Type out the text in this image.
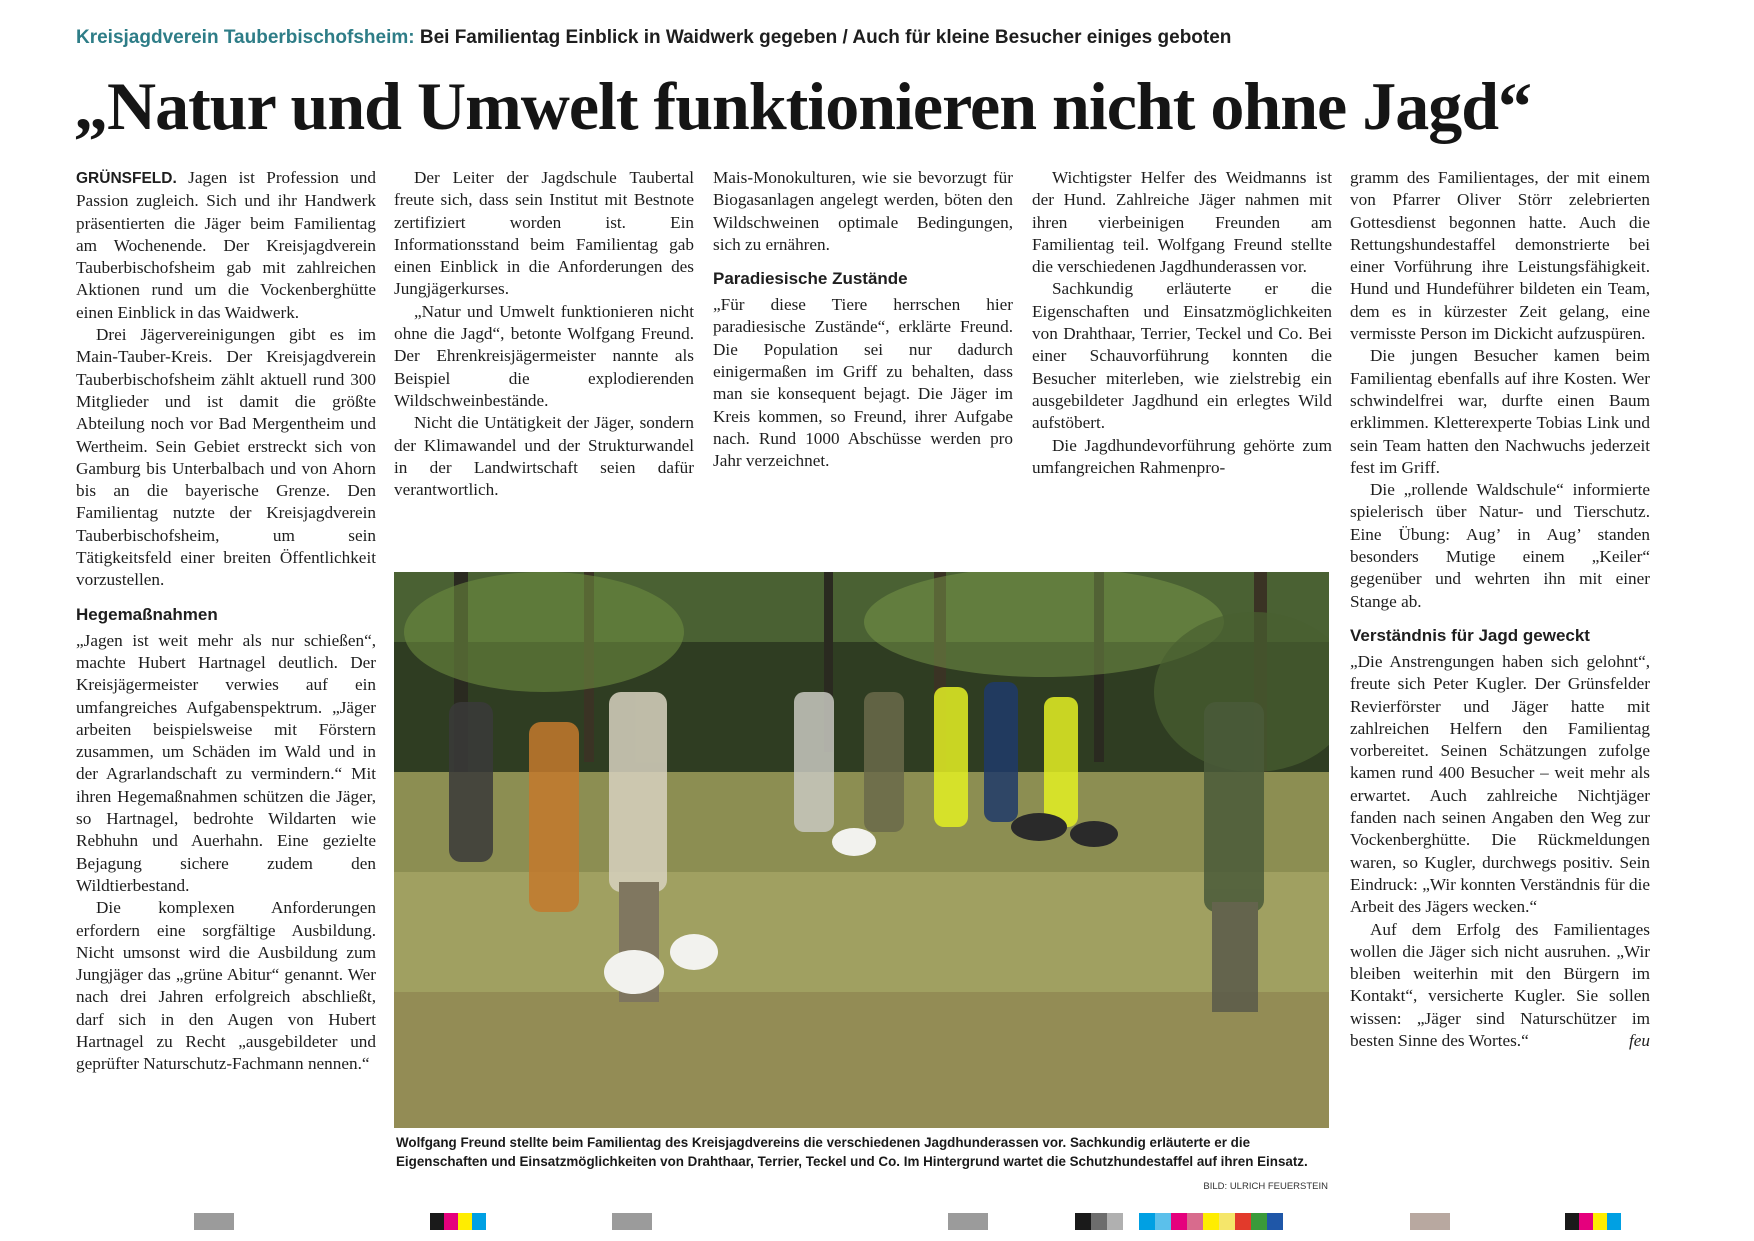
Kreisjagdverein Tauberbischofsheim: Bei Familientag Einblick in Waidwerk gegeben / Auch für kleine Besucher einiges geboten
„Natur und Umwelt funktionieren nicht ohne Jagd“

GRÜNSFELD. Jagen ist Profession und Passion zugleich. Sich und ihr Handwerk präsentierten die Jäger beim Familientag am Wochenende. Der Kreisjagdverein Tauberbischofsheim gab mit zahlreichen Aktionen rund um die Vockenberghütte einen Einblick in das Waidwerk.

Drei Jägervereinigungen gibt es im Main-Tauber-Kreis. Der Kreisjagdverein Tauberbischofsheim zählt aktuell rund 300 Mitglieder und ist damit die größte Abteilung noch vor Bad Mergentheim und Wertheim. Sein Gebiet erstreckt sich von Gamburg bis Unterbalbach und von Ahorn bis an die bayerische Grenze. Den Familientag nutzte der Kreisjagdverein Tauberbischofsheim, um sein Tätigkeitsfeld einer breiten Öffentlichkeit vorzustellen.

Hegemaßnahmen

„Jagen ist weit mehr als nur schießen“, machte Hubert Hartnagel deutlich. Der Kreisjägermeister verwies auf ein umfangreiches Aufgabenspektrum. „Jäger arbeiten beispielsweise mit Förstern zusammen, um Schäden im Wald und in der Agrarlandschaft zu vermindern.“ Mit ihren Hegemaßnahmen schützen die Jäger, so Hartnagel, bedrohte Wildarten wie Rebhuhn und Auerhahn. Eine gezielte Bejagung sichere zudem den Wildtierbestand.

Die komplexen Anforderungen erfordern eine sorgfältige Ausbildung. Nicht umsonst wird die Ausbildung zum Jungjäger das „grüne Abitur“ genannt. Wer nach drei Jahren erfolgreich abschließt, darf sich in den Augen von Hubert Hartnagel zu Recht „ausgebildeter und geprüfter Naturschutz-Fachmann nennen.“

Der Leiter der Jagdschule Taubertal freute sich, dass sein Institut mit Bestnote zertifiziert worden ist. Ein Informationsstand beim Familientag gab einen Einblick in die Anforderungen des Jungjägerkurses.

„Natur und Umwelt funktionieren nicht ohne die Jagd“, betonte Wolfgang Freund. Der Ehrenkreisjägermeister nannte als Beispiel die explodierenden Wildschweinbestände.

Nicht die Untätigkeit der Jäger, sondern der Klimawandel und der Strukturwandel in der Landwirtschaft seien dafür verantwortlich.

Mais-Monokulturen, wie sie bevorzugt für Biogasanlagen angelegt werden, böten den Wildschweinen optimale Bedingungen, sich zu ernähren.

Paradiesische Zustände

„Für diese Tiere herrschen hier paradiesische Zustände“, erklärte Freund. Die Population sei nur dadurch einigermaßen im Griff zu behalten, dass man sie konsequent bejagt. Die Jäger im Kreis kommen, so Freund, ihrer Aufgabe nach. Rund 1000 Abschüsse werden pro Jahr verzeichnet.

Wichtigster Helfer des Weidmanns ist der Hund. Zahlreiche Jäger nahmen mit ihren vierbeinigen Freunden am Familientag teil. Wolfgang Freund stellte die verschiedenen Jagdhunderassen vor.

Sachkundig erläuterte er die Eigenschaften und Einsatzmöglichkeiten von Drahthaar, Terrier, Teckel und Co. Bei einer Schauvorführung konnten die Besucher miterleben, wie zielstrebig ein ausgebildeter Jagdhund ein erlegtes Wild aufstöbert.

Die Jagdhundevorführung gehörte zum umfangreichen Rahmenpro-

gramm des Familientages, der mit einem von Pfarrer Oliver Störr zelebrierten Gottesdienst begonnen hatte. Auch die Rettungshundestaffel demonstrierte bei einer Vorführung ihre Leistungsfähigkeit. Hund und Hundeführer bildeten ein Team, dem es in kürzester Zeit gelang, eine vermisste Person im Dickicht aufzuspüren.

Die jungen Besucher kamen beim Familientag ebenfalls auf ihre Kosten. Wer schwindelfrei war, durfte einen Baum erklimmen. Kletterexperte Tobias Link und sein Team hatten den Nachwuchs jederzeit fest im Griff.

Die „rollende Waldschule“ informierte spielerisch über Natur- und Tierschutz. Eine Übung: Aug’ in Aug’ standen besonders Mutige einem „Keiler“ gegenüber und wehrten ihn mit einer Stange ab.

Verständnis für Jagd geweckt

„Die Anstrengungen haben sich gelohnt“, freute sich Peter Kugler. Der Grünsfelder Revierförster und Jäger hatte mit zahlreichen Helfern den Familientag vorbereitet. Seinen Schätzungen zufolge kamen rund 400 Besucher – weit mehr als erwartet. Auch zahlreiche Nichtjäger fanden nach seinen Angaben den Weg zur Vockenberghütte. Die Rückmeldungen waren, so Kugler, durchwegs positiv. Sein Eindruck: „Wir konnten Verständnis für die Arbeit des Jägers wecken.“

Auf dem Erfolg des Familientages wollen die Jäger sich nicht ausruhen. „Wir bleiben weiterhin mit den Bürgern im Kontakt“, versicherte Kugler. Sie sollen wissen: „Jäger sind Naturschützer im besten Sinne des Wortes.“	feu
Wolfgang Freund stellte beim Familientag des Kreisjagdvereins die verschiedenen Jagdhunderassen vor. Sachkundig erläuterte er die Eigenschaften und Einsatzmöglichkeiten von Drahthaar, Terrier, Teckel und Co. Im Hintergrund wartet die Schutzhundestaffel auf ihren Einsatz.
BILD: ULRICH FEUERSTEIN
